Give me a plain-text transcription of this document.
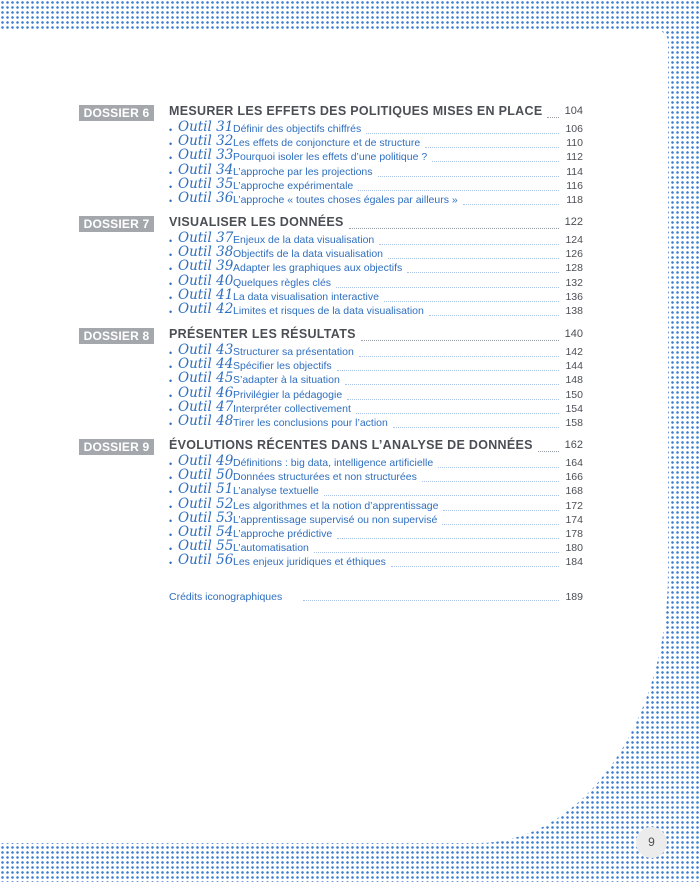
DOSSIER 6	MESURER LES EFFETS DES POLITIQUES MISES EN PLACE	104
• Outil 31 Définir des objectifs chiffrés	106
• Outil 32 Les effets de conjoncture et de structure	110
• Outil 33 Pourquoi isoler les effets d’une politique ?	112
• Outil 34 L’approche par les projections	114
• Outil 35 L’approche expérimentale	116
• Outil 36 L’approche « toutes choses égales par ailleurs »	118
DOSSIER 7	VISUALISER LES DONNÉES	122
• Outil 37 Enjeux de la data visualisation	124
• Outil 38 Objectifs de la data visualisation	126
• Outil 39 Adapter les graphiques aux objectifs	128
• Outil 40 Quelques règles clés	132
• Outil 41 La data visualisation interactive	136
• Outil 42 Limites et risques de la data visualisation	138
DOSSIER 8	PRÉSENTER LES RÉSULTATS	140
• Outil 43 Structurer sa présentation	142
• Outil 44 Spécifier les objectifs	144
• Outil 45 S’adapter à la situation	148
• Outil 46 Privilégier la pédagogie	150
• Outil 47 Interpréter collectivement	154
• Outil 48 Tirer les conclusions pour l’action	158
DOSSIER 9	ÉVOLUTIONS RÉCENTES DANS L’ANALYSE DE DONNÉES	162
• Outil 49 Définitions : big data, intelligence artificielle	164
• Outil 50 Données structurées et non structurées	166
• Outil 51 L’analyse textuelle	168
• Outil 52 Les algorithmes et la notion d’apprentissage	172
• Outil 53 L’apprentissage supervisé ou non supervisé	174
• Outil 54 L’approche prédictive	178
• Outil 55 L’automatisation	180
• Outil 56 Les enjeux juridiques et éthiques	184
Crédits iconographiques	189
9
